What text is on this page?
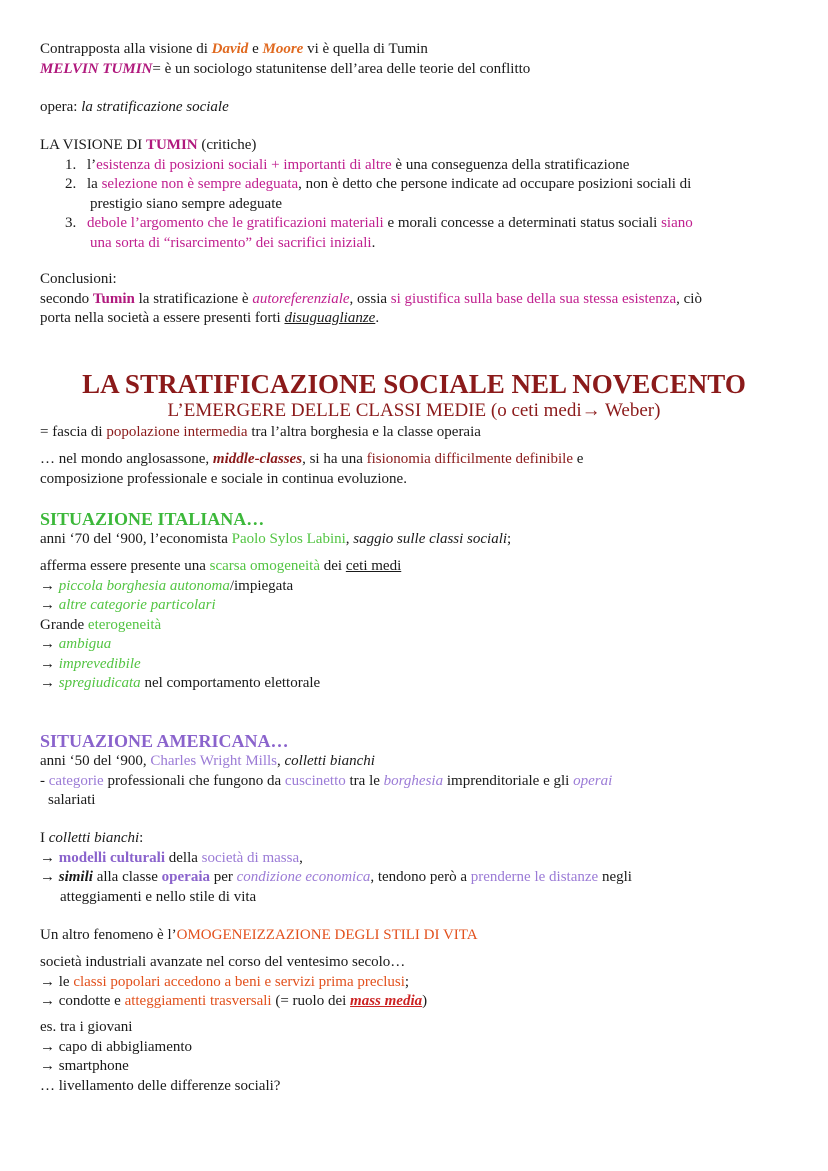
Contrapposta alla visione di David e Moore vi è quella di Tumin
MELVIN TUMIN= è un sociologo statunitense dell’area delle teorie del conflitto
opera: la stratificazione sociale
LA VISIONE DI TUMIN (critiche)
1. l’esistenza di posizioni sociali + importanti di altre è una conseguenza della stratificazione
2. la selezione non è sempre adeguata, non è detto che persone indicate ad occupare posizioni sociali di
prestigio siano sempre adeguate
3. debole l’argomento che le gratificazioni materiali e morali concesse a determinati status sociali siano
una sorta di “risarcimento” dei sacrifici iniziali.
Conclusioni:
secondo Tumin la stratificazione è autoreferenziale, ossia si giustifica sulla base della sua stessa esistenza, ciò
porta nella società a essere presenti forti disuguaglianze.
LA STRATIFICAZIONE SOCIALE NEL NOVECENTO
L’EMERGERE DELLE CLASSI MEDIE (o ceti medi→ Weber)
= fascia di popolazione intermedia tra l’altra borghesia e la classe operaia
… nel mondo anglosassone, middle-classes, si ha una fisionomia difficilmente definibile e
composizione professionale e sociale in continua evoluzione.
SITUAZIONE ITALIANA…
anni ‘70 del ‘900, l’economista Paolo Sylos Labini, saggio sulle classi sociali;
afferma essere presente una scarsa omogeneità dei ceti medi
→ piccola borghesia autonoma/impiegata
→ altre categorie particolari
Grande eterogeneità
→ ambigua
→ imprevedibile
→ spregiudicata nel comportamento elettorale
SITUAZIONE AMERICANA…
anni ‘50 del ‘900, Charles Wright Mills, colletti bianchi
- categorie professionali che fungono da cuscinetto tra le borghesia imprenditoriale e gli operai
salariati
I colletti bianchi:
→ modelli culturali della società di massa,
→ simili alla classe operaia per condizione economica, tendono però a prenderne le distanze negli
atteggiamenti e nello stile di vita
Un altro fenomeno è l’OMOGENEIZZAZIONE DEGLI STILI DI VITA
società industriali avanzate nel corso del ventesimo secolo…
→ le classi popolari accedono a beni e servizi prima preclusi;
→ condotte e atteggiamenti trasversali (= ruolo dei mass media)
es. tra i giovani
→ capo di abbigliamento
→ smartphone
… livellamento delle differenze sociali?
